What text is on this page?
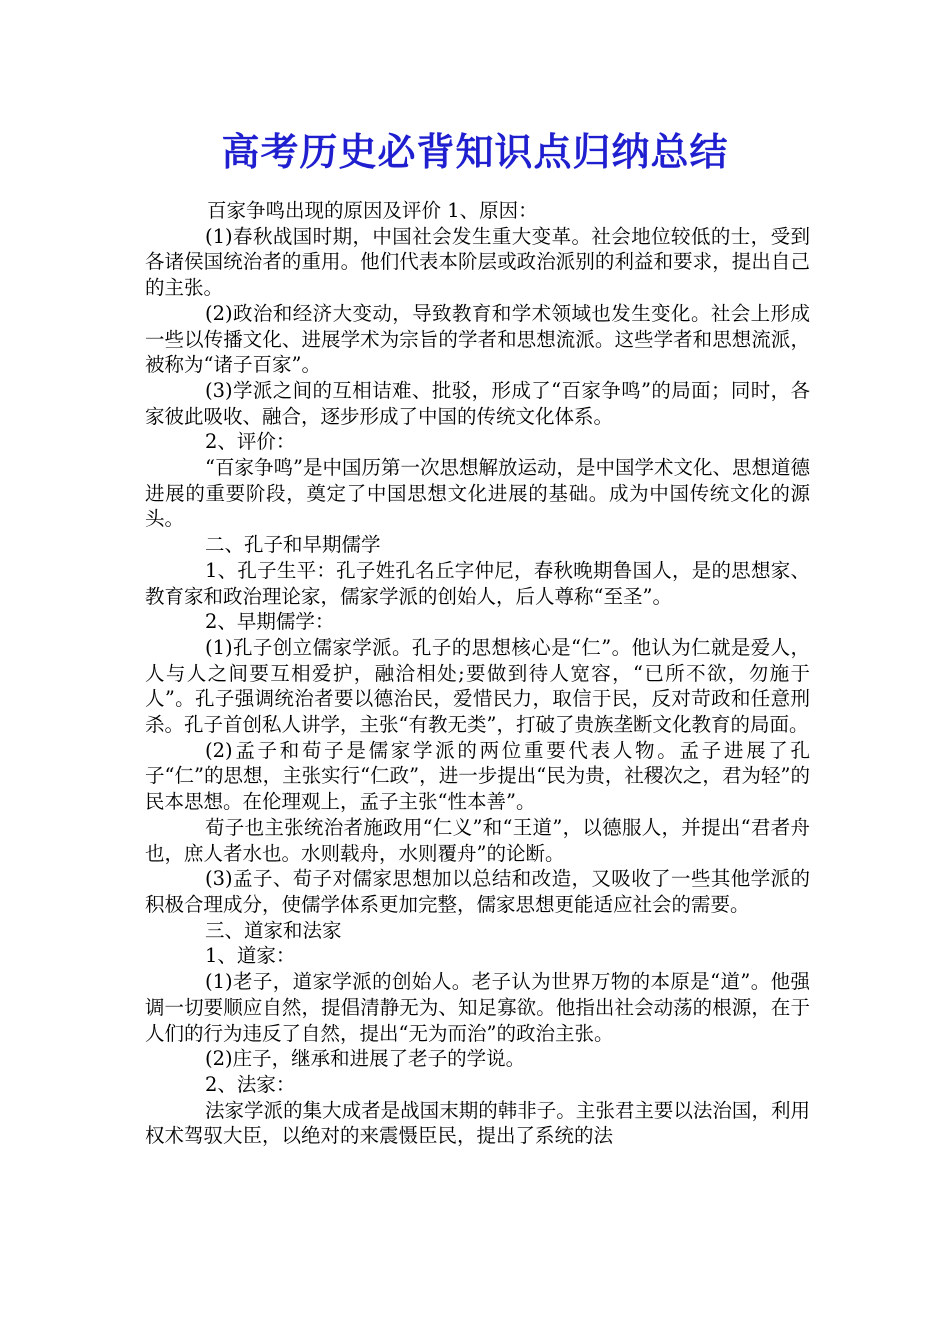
高考历史必背知识点归纳总结

百家争鸣出现的原因及评价 1、原因：

(1)春秋战国时期，中国社会发生重大变革。社会地位较低的士，受到各诸侯国统治者的重用。他们代表本阶层或政治派别的利益和要求，提出自己的主张。

(2)政治和经济大变动，导致教育和学术领域也发生变化。社会上形成一些以传播文化、进展学术为宗旨的学者和思想流派。这些学者和思想流派，被称为“诸子百家”。

(3)学派之间的互相诘难、批驳，形成了“百家争鸣”的局面；同时，各家彼此吸收、融合，逐步形成了中国的传统文化体系。

2、评价：

“百家争鸣”是中国历第一次思想解放运动，是中国学术文化、思想道德进展的重要阶段，奠定了中国思想文化进展的基础。成为中国传统文化的源头。

二、孔子和早期儒学

1、孔子生平：孔子姓孔名丘字仲尼，春秋晚期鲁国人，是的思想家、教育家和政治理论家，儒家学派的创始人，后人尊称“至圣”。

2、早期儒学：

(1)孔子创立儒家学派。孔子的思想核心是“仁”。他认为仁就是爱人，人与人之间要互相爱护，融洽相处;要做到待人宽容，“已所不欲，勿施于人”。孔子强调统治者要以德治民，爱惜民力，取信于民，反对苛政和任意刑杀。孔子首创私人讲学，主张“有教无类”，打破了贵族垄断文化教育的局面。

(2)孟子和荀子是儒家学派的两位重要代表人物。孟子进展了孔子“仁”的思想，主张实行“仁政”，进一步提出“民为贵，社稷次之，君为轻”的民本思想。在伦理观上，孟子主张“性本善”。

荀子也主张统治者施政用“仁义”和“王道”，以德服人，并提出“君者舟也，庶人者水也。水则载舟，水则覆舟”的论断。

(3)孟子、荀子对儒家思想加以总结和改造，又吸收了一些其他学派的积极合理成分，使儒学体系更加完整，儒家思想更能适应社会的需要。

三、道家和法家

1、道家：

(1)老子，道家学派的创始人。老子认为世界万物的本原是“道”。他强调一切要顺应自然，提倡清静无为、知足寡欲。他指出社会动荡的根源，在于人们的行为违反了自然，提出“无为而治”的政治主张。

(2)庄子，继承和进展了老子的学说。

2、法家：

法家学派的集大成者是战国末期的韩非子。主张君主要以法治国，利用权术驾驭大臣，以绝对的来震慑臣民，提出了系统的法
